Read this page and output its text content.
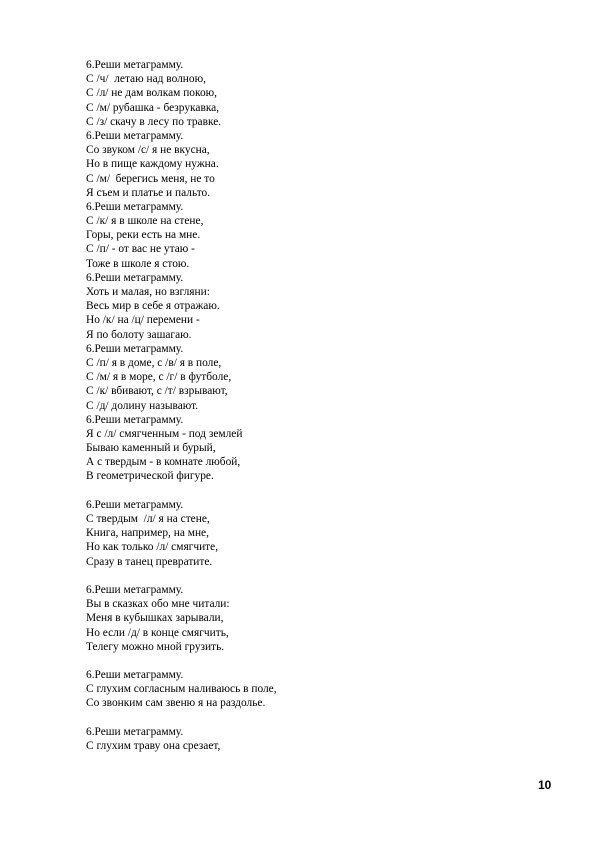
6.Реши метаграмму.
С /ч/  летаю над волною,
С /л/ не дам волкам покою,
С /м/ рубашка - безрукавка,
С /з/ скачу в лесу по травке.
6.Реши метаграмму.
Со звуком /с/ я не вкусна,
Но в пище каждому нужна.
С /м/  берегись меня, не то
Я съем и платье и пальто.
6.Реши метаграмму.
С /к/ я в школе на стене,
Горы, реки есть на мне.
С /п/ - от вас не утаю -
Тоже в школе я стою.
6.Реши метаграмму.
Хоть и малая, но взгляни:
Весь мир в себе я отражаю.
Но /к/ на /ц/ перемени -
Я по болоту зашагаю.
6.Реши метаграмму.
С /п/ я в доме, с /в/ я в поле,
С /м/ я в море, с /г/ в футболе,
С /к/ вбивают, с /т/ взрывают,
С /д/ долину называют.
6.Реши метаграмму.
Я с /л/ смягченным - под землей
Бываю каменный и бурый,
А с твердым - в комнате любой,
В геометрической фигуре.
6.Реши метаграмму.
С твердым  /л/ я на стене,
Книга, например, на мне,
Но как только /л/ смягчите,
Сразу в танец превратите.
6.Реши метаграмму.
Вы в сказках обо мне читали:
Меня в кубышках зарывали,
Но если /д/ в конце смягчить,
Телегу можно мной грузить.
6.Реши метаграмму.
С глухим согласным наливаюсь в поле,
Со звонким сам звеню я на раздолье.
6.Реши метаграмму.
С глухим траву она срезает,
10
